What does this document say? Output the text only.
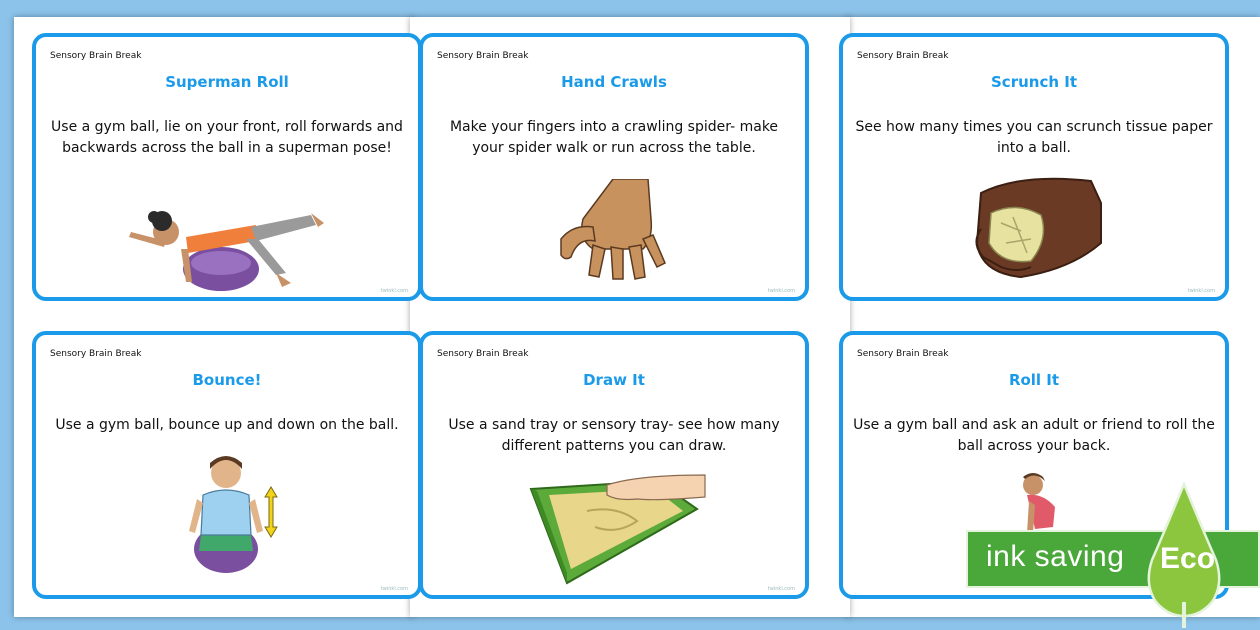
Sensory Brain Break
Superman Roll
Use a gym ball, lie on your front, roll forwards and backwards across the ball in a superman pose!
twinkl.com
Sensory Brain Break
Hand Crawls
Make your fingers into a crawling spider- make your spider walk or run across the table.
twinkl.com
Sensory Brain Break
Scrunch It
See how many times you can scrunch tissue paper into a ball.
twinkl.com
Sensory Brain Break
Bounce!
Use a gym ball, bounce up and down on the ball.
twinkl.com
Sensory Brain Break
Draw It
Use a sand tray or sensory tray- see how many different patterns you can draw.
twinkl.com
Sensory Brain Break
Roll It
Use a gym ball and ask an adult or friend to roll the ball across your back.
ink saving Eco
